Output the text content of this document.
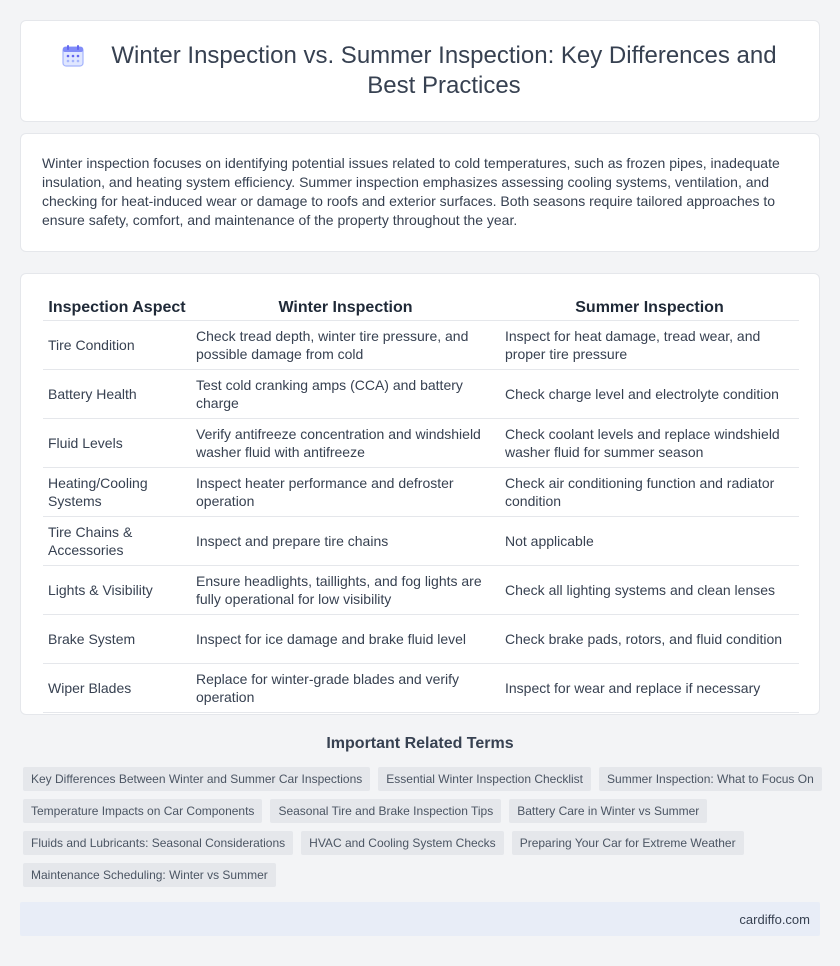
Winter Inspection vs. Summer Inspection: Key Differences and Best Practices

Winter inspection focuses on identifying potential issues related to cold temperatures, such as frozen pipes, inadequate insulation, and heating system efficiency. Summer inspection emphasizes assessing cooling systems, ventilation, and checking for heat-induced wear or damage to roofs and exterior surfaces. Both seasons require tailored approaches to ensure safety, comfort, and maintenance of the property throughout the year.

Inspection Aspect	Winter Inspection	Summer Inspection
Tire Condition	Check tread depth, winter tire pressure, and possible damage from cold	Inspect for heat damage, tread wear, and proper tire pressure
Battery Health	Test cold cranking amps (CCA) and battery charge	Check charge level and electrolyte condition
Fluid Levels	Verify antifreeze concentration and windshield washer fluid with antifreeze	Check coolant levels and replace windshield washer fluid for summer season
Heating/Cooling Systems	Inspect heater performance and defroster operation	Check air conditioning function and radiator condition
Tire Chains & Accessories	Inspect and prepare tire chains	Not applicable
Lights & Visibility	Ensure headlights, taillights, and fog lights are fully operational for low visibility	Check all lighting systems and clean lenses
Brake System	Inspect for ice damage and brake fluid level	Check brake pads, rotors, and fluid condition
Wiper Blades	Replace for winter-grade blades and verify operation	Inspect for wear and replace if necessary
Important Related Terms
Key Differences Between Winter and Summer Car Inspections	Essential Winter Inspection Checklist	Summer Inspection: What to Focus On
Temperature Impacts on Car Components	Seasonal Tire and Brake Inspection Tips	Battery Care in Winter vs Summer
Fluids and Lubricants: Seasonal Considerations	HVAC and Cooling System Checks	Preparing Your Car for Extreme Weather
Maintenance Scheduling: Winter vs Summer
cardiffo.com
